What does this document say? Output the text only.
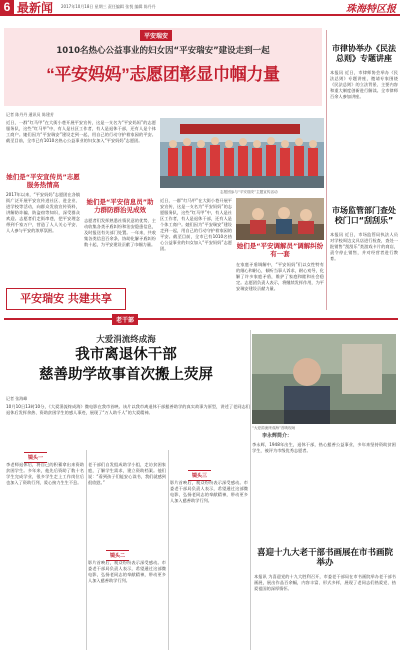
6 最新闻 2017年10月18日 星期三 责任编辑 张悦 编辑 陈丹丹	珠海特区报
平安瑞安
1010名热心公益事业的妇女因“平安瑞安”建设走到一起
“平安妈妈”志愿团彰显巾帼力量
记者 陈丹丹 通讯员 陈建芳
近日，一群“红马甲”在大街小巷开展平安宣传，这是一支名为“平安妈妈”的志愿服务队，这些“红马甲”中，有人是社区工作者，有人是退休干部，还有人是个体工商户。她们因为“平安瑞安”建设走到一起，用自己的行动守护着家园的平安。截至目前，全市已有1010名热心公益事业的妇女加入“平安妈妈”志愿团。
志愿团参与“平安瑞安”主题宣传活动
她们是“平安宣传员”志愿服务热情高
2017年以来，“平安妈妈”志愿团在各镇街广泛开展平安宣传进社区、进企业、进学校等活动，向群众发放宣传资料，讲解防诈骗、防盗窃等知识，深受群众欢迎。志愿者们走街串巷，把平安理念带到千家万户，营造了人人关心平安、人人参与平安的浓厚氛围。
她们是“平安信息员”助力群防群治见成效
志愿者们发挥熟悉社情民意的优势，主动收集各类矛盾纠纷和治安隐患信息，及时报送有关部门处置。一年来，共收集各类信息百余条，协助化解矛盾纠纷数十起，为平安建设贡献了巾帼力量。
近日，一群“红马甲”在大街小巷开展平安宣传，这是一支名为“平安妈妈”的志愿服务队，这些“红马甲”中，有人是社区工作者，有人是退休干部，还有人是个体工商户。她们因为“平安瑞安”建设走到一起，用自己的行动守护着家园的平安。截至目前，全市已有1010名热心公益事业的妇女加入“平安妈妈”志愿团。	她们是“平安调解员”调解纠纷有一套
在家庭矛盾调解中，“平安妈妈”们以女性特有的细心和耐心，倾听当事人诉求，耐心劝导，化解了许多家庭矛盾，维护了家庭和睦和社会稳定。志愿团负责人表示，将继续发挥作用，为平安瑞安建设贡献力量。
平安瑞安 共建共享
市律协举办《民法总则》专题讲座
本报讯 近日，市律师协会举办《民法总则》专题讲座，邀请专家围绕《民法总则》的立法背景、主要内容和重大制度创新进行解读。全市律师百余人参加讲座。
市场监管部门查处校门口“刮刮乐”
本报讯 近日，市场监管局执法人员对学校周边文具店进行检查，查处一批销售“刮刮乐”类游戏卡片的商店，责令停止销售，并对经营者进行教育。
老干部
大爱涓流终成海
我市离退休干部
慈善助学故事首次搬上荧屏
记者 张海峰
10月10日13时10分，《大爱涓流终成海》微电影在我市首映。该片以我市离退休干部慈善助学的真实故事为原型，讲述了老同志们退休后发挥余热、资助贫困学生的感人事迹，展现了“万人助千人”的大爱精神。
“大爱涓流终成海”首映现场
镜头一
李老师退休后，将自己的积蓄拿出来资助贫困学生。多年来，他先后资助了数十名学生完成学业，很多学生走上工作岗位后也加入了资助行列，爱心接力生生不息。
镜头二
老干部们自发组成助学小组，走访贫困家庭，了解学生需求，建立资助档案。他们说：“看到孩子们能安心读书，我们就感到很欣慰。”
影片首映后，观众纷纷表示深受感动。市委老干部局负责人表示，希望通过这部微电影，弘扬老同志的奉献精神，带动更多人加入慈善助学行列。
镜头三
影片首映后，观众纷纷表示深受感动。市委老干部局负责人表示，希望通过这部微电影，弘扬老同志的奉献精神，带动更多人加入慈善助学行列。
李永辉简介：
李永辉，1948年出生，退休干部，热心慈善公益事业，多年来坚持资助贫困学生，被评为市级优秀志愿者。
喜迎十九大老干部书画展在市书画院举办
本报讯 为喜迎党的十九大胜利召开，市委老干部局在市书画院举办老干部书画展，展出作品百余幅，内容丰富、形式多样，展现了老同志们热爱党、热爱祖国的深厚情怀。
